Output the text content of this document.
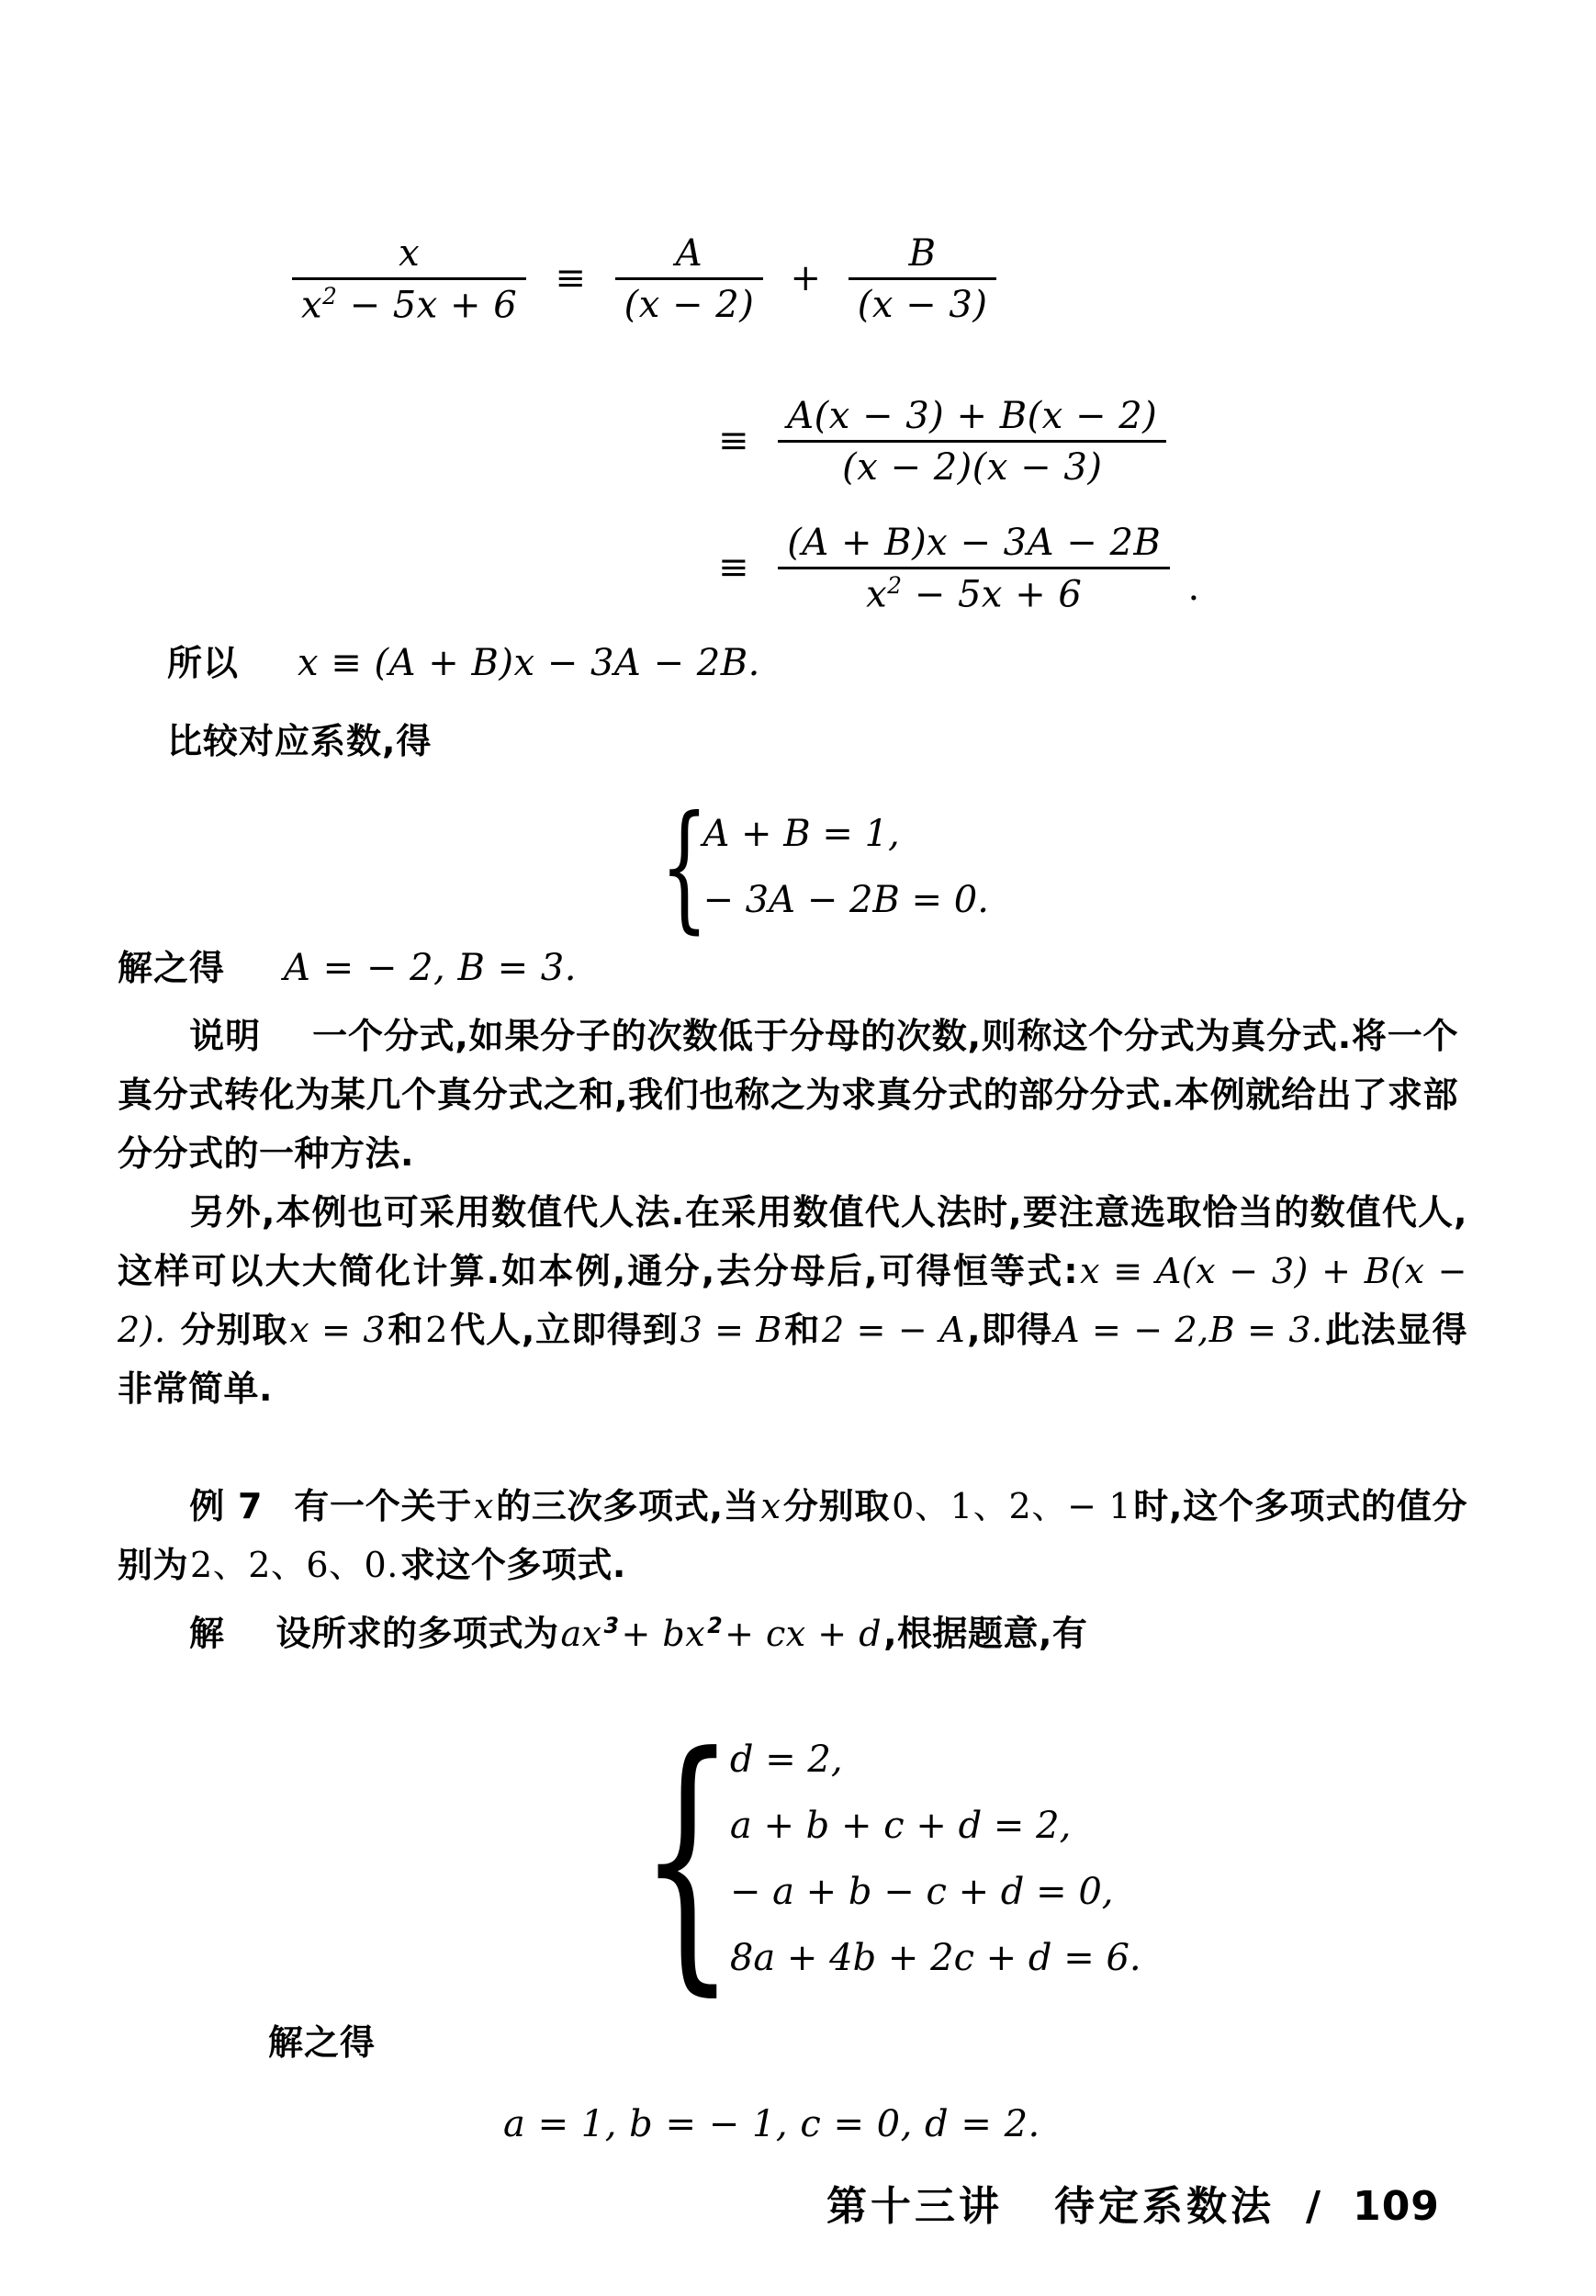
$\frac{x}{x^2 - 5x + 6} \equiv \frac{A}{(x - 2)} + \frac{B}{(x - 3)}$
≡ $\frac{A(x - 3) + B(x - 2)}{(x - 2)(x - 3)}$
≡ $\frac{(A + B)x - 3A - 2B}{x^2 - 5x + 6}$ .
所以 x ≡ (A + B)x − 3A − 2B.
比较对应系数,得
{
A + B = 1,
− 3A − 2B = 0.
解之得 A = − 2, B = 3.
说明 一个分式,如果分子的次数低于分母的次数,则称这个分式为真分式.将一个真分式转化为某几个真分式之和,我们也称之为求真分式的部分分式.本例就给出了求部分分式的一种方法.
另外,本例也可采用数值代人法.在采用数值代人法时,要注意选取恰当的数值代人,这样可以大大简化计算.如本例,通分,去分母后,可得恒等式:x ≡ A(x − 3) + B(x − 2). 分别取x = 3和2代人,立即得到3 = B和2 = − A,即得A = − 2,B = 3.此法显得非常简单.
例 7 有一个关于x的三次多项式,当x分别取0、1、2、− 1时,这个多项式的值分别为2、2、6、0.求这个多项式.
解 设所求的多项式为$ax^3+ bx^2+$ cx + d,根据题意,有
{
d = 2,
a + b + c + d = 2,
− a + b − c + d = 0,
8a + 4b + 2c + d = 6.
解之得
a = 1, b = − 1, c = 0, d = 2.
第十三讲 待定系数法 / 109
